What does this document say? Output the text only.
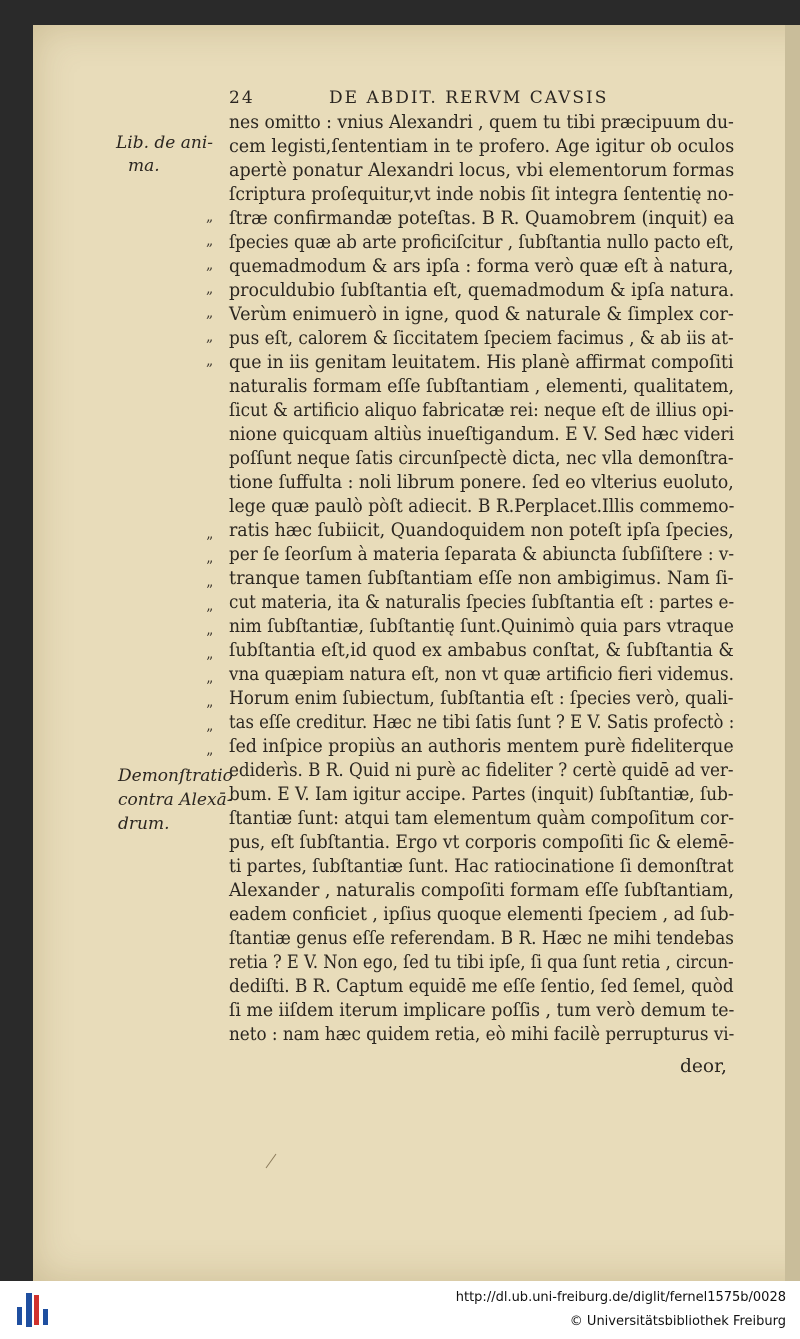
24	DE ABDIT. RERVM CAVSIS
nes omitto : vnius Alexandri , quem tu tibi præcipuum du-
cem legisti,ſententiam in te profero. Age igitur ob oculos
apertè ponatur Alexandri locus, vbi elementorum formas
ſcriptura proſequitur,vt inde nobis ſit integra ſententię no-
ſtræ confirmandæ poteſtas. B R. Quamobrem (inquit) ea
ſpecies quæ ab arte proficiſcitur , ſubſtantia nullo pacto eſt,
quemadmodum & ars ipſa : forma verò quæ eſt à natura,
proculdubio ſubſtantia eſt, quemadmodum & ipſa natura.
Verùm enimuerò in igne, quod & naturale & ſimplex cor-
pus eſt, calorem & ſiccitatem ſpeciem facimus , & ab iis at-
que in iis genitam leuitatem. His planè affirmat compoſiti
naturalis formam eſſe ſubſtantiam , elementi, qualitatem,
ſicut & artificio aliquo fabricatæ rei: neque eſt de illius opi-
nione quicquam altiùs inueſtigandum. E V. Sed hæc videri
poſſunt neque ſatis circunſpectè dicta, nec vlla demonſtra-
tione ſuffulta : noli librum ponere. ſed eo vlterius euoluto,
lege quæ paulò pòſt adiecit. B R.Perplacet.Illis commemo-
ratis hæc ſubiicit, Quandoquidem non poteſt ipſa ſpecies,
per ſe ſeorſum à materia ſeparata & abiuncta ſubſiſtere : v-
tranque tamen ſubſtantiam eſſe non ambigimus. Nam ſi-
cut materia, ita & naturalis ſpecies ſubſtantia eſt : partes e-
nim ſubſtantiæ, ſubſtantię ſunt.Quinimò quia pars vtraque
ſubſtantia eſt,id quod ex ambabus conſtat, & ſubſtantia &
vna quæpiam natura eſt, non vt quæ artificio fieri videmus.
Horum enim ſubiectum, ſubſtantia eſt : ſpecies verò, quali-
tas eſſe creditur. Hæc ne tibi ſatis ſunt ? E V. Satis profectò :
ſed inſpice propiùs an authoris mentem purè fideliterque
ediderìs. B R. Quid ni purè ac fideliter ? certè quidē ad ver-
bum. E V. Iam igitur accipe. Partes (inquit) ſubſtantiæ, ſub-
ſtantiæ ſunt: atqui tam elementum quàm compoſitum cor-
pus, eſt ſubſtantia. Ergo vt corporis compoſiti ſic & elemē-
ti partes, ſubſtantiæ ſunt. Hac ratiocinatione ſi demonſtrat
Alexander , naturalis compoſiti formam eſſe ſubſtantiam,
eadem conficiet , ipſius quoque elementi ſpeciem , ad ſub-
ſtantiæ genus eſſe referendam. B R. Hæc ne mihi tendebas
retia ? E V. Non ego, ſed tu tibi ipſe, ſi qua ſunt retia , circun-
dediſti. B R. Captum equidē me eſſe ſentio, ſed ſemel, quòd
ſi me iiſdem iterum implicare poſſis , tum verò demum te-
neto : nam hæc quidem retia, eò mihi facilè perrupturus vi-
„
„
„
„
„
„
„
”
”
”
”
”
”
”
”
”
”
Lib. de ani-
ma.
Demonſtratio
contra Alexā-
drum.
deor,
http://dl.ub.uni-freiburg.de/diglit/fernel1575b/0028
© Universitätsbibliothek Freiburg
